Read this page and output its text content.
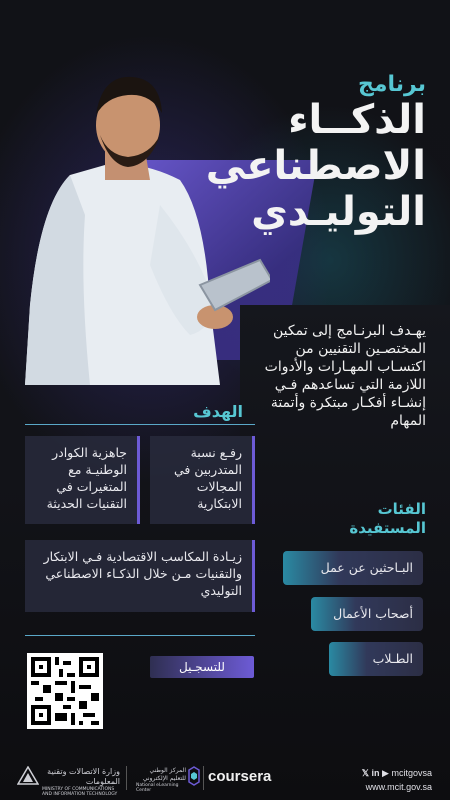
برنامج
الذكــاء
الاصطناعي
التوليـدي
يهـدف البرنـامج إلى تمكين المختصـين التقنيين من اكتسـاب المهـارات والأدوات اللازمة التي تساعدهم فـي إنشـاء أفكـار مبتكرة وأتمتة المهام
الهدف
رفـع نسبة المتدربين في المجالات الابتكارية
جاهزية الكوادر الوطنيـة مع المتغيرات في التقنيات الحديثة
زيـادة المكاسب الاقتصادية فـي الابتكار والتقنيات مـن خلال الذكـاء الاصطناعي التوليدي
الفئات
المستفيدة
البـاحثين عن عمل
أصحاب الأعمال
الطـلاب
للتسجـيل
وزارة الاتصالات وتقنية المعلومات
MINISTRY OF COMMUNICATIONS AND INFORMATION TECHNOLOGY
المركز الوطني للتعليم الإلكتروني
National eLearning Center
coursera	𝕏 in ▶ mcitgovsa
www.mcit.gov.sa
